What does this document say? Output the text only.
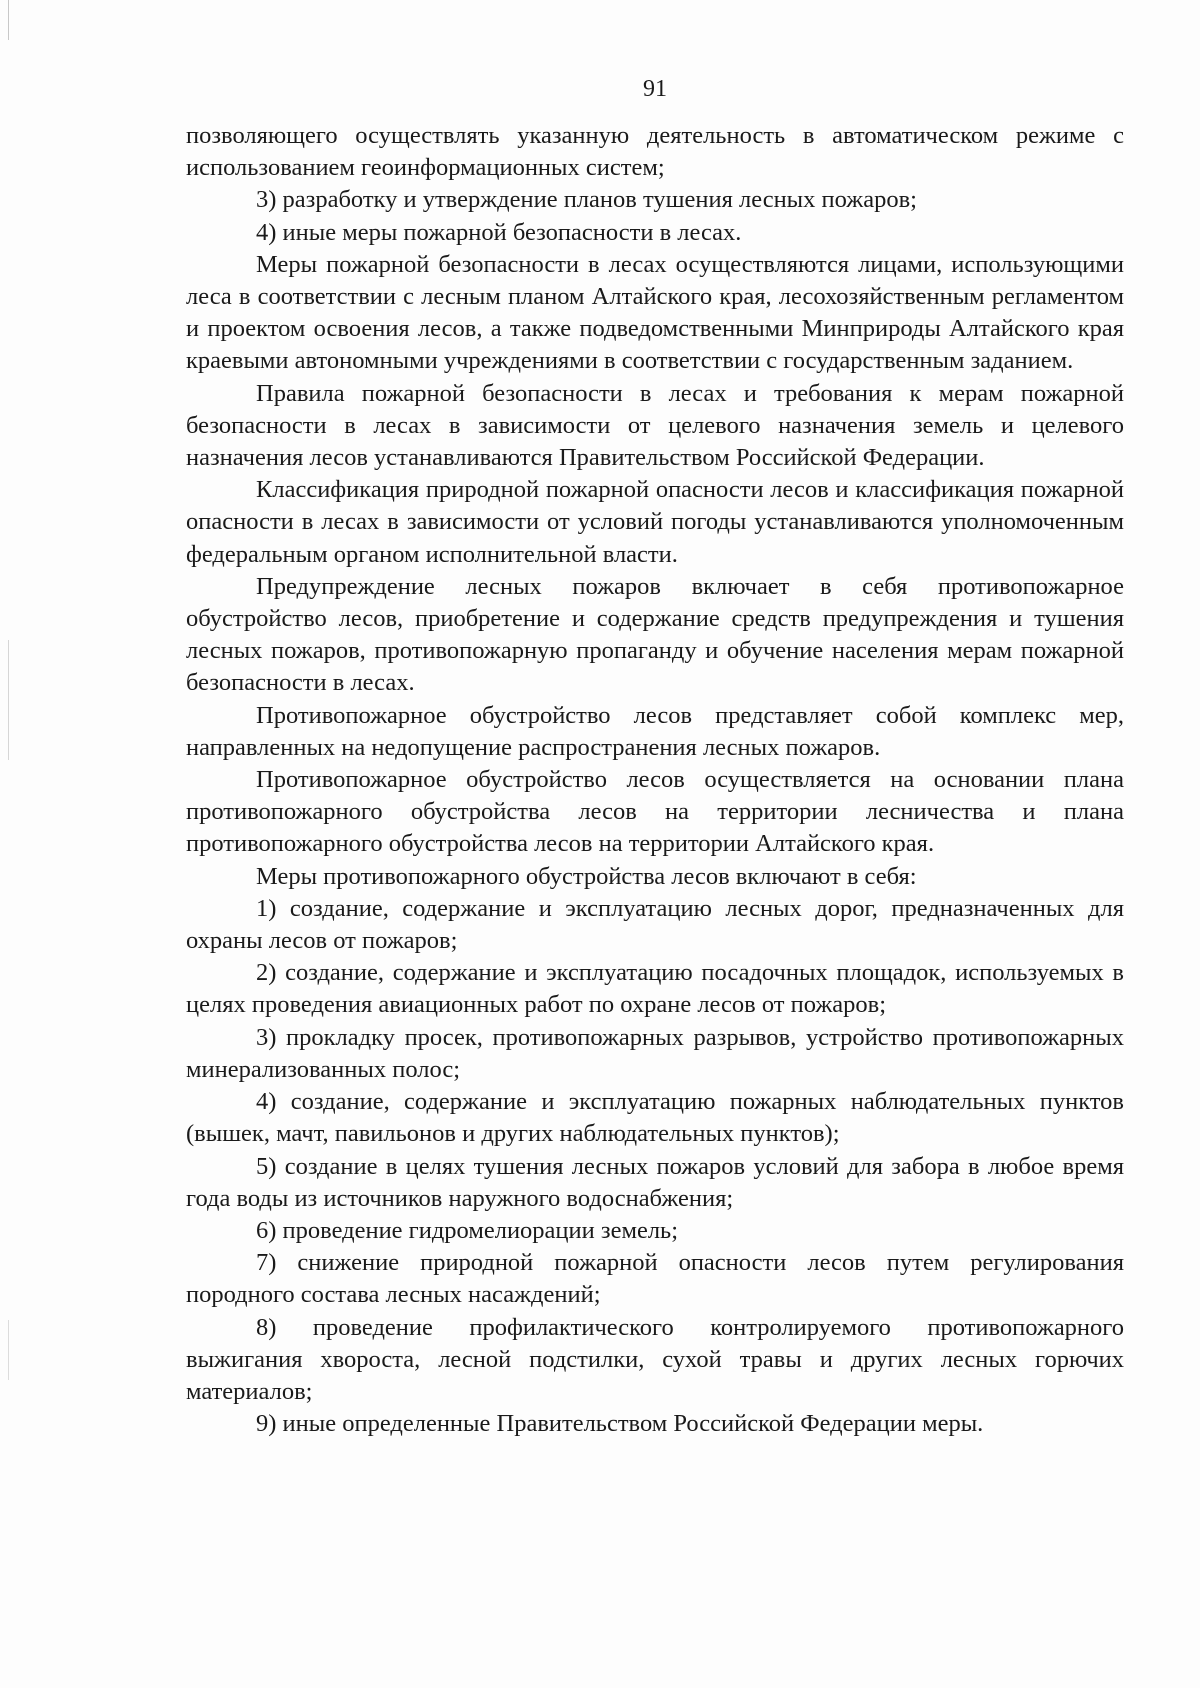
91

позволяющего осуществлять указанную деятельность в автоматическом режиме с использованием геоинформационных систем;

3) разработку и утверждение планов тушения лесных пожаров;

4) иные меры пожарной безопасности в лесах.

Меры пожарной безопасности в лесах осуществляются лицами, использующими леса в соответствии с лесным планом Алтайского края, лесохозяйственным регламентом и проектом освоения лесов, а также подведомственными Минприроды Алтайского края краевыми автономными учреждениями в соответствии с государственным заданием.

Правила пожарной безопасности в лесах и требования к мерам пожарной безопасности в лесах в зависимости от целевого назначения земель и целевого назначения лесов устанавливаются Правительством Российской Федерации.

Классификация природной пожарной опасности лесов и классификация пожарной опасности в лесах в зависимости от условий погоды устанавливаются уполномоченным федеральным органом исполнительной власти.

Предупреждение лесных пожаров включает в себя противопожарное обустройство лесов, приобретение и содержание средств предупреждения и тушения лесных пожаров, противопожарную пропаганду и обучение населения мерам пожарной безопасности в лесах.

Противопожарное обустройство лесов представляет собой комплекс мер, направленных на недопущение распространения лесных пожаров.

Противопожарное обустройство лесов осуществляется на основании плана противопожарного обустройства лесов на территории лесничества и плана противопожарного обустройства лесов на территории Алтайского края.

Меры противопожарного обустройства лесов включают в себя:

1) создание, содержание и эксплуатацию лесных дорог, предназначенных для охраны лесов от пожаров;

2) создание, содержание и эксплуатацию посадочных площадок, используемых в целях проведения авиационных работ по охране лесов от пожаров;

3) прокладку просек, противопожарных разрывов, устройство противопожарных минерализованных полос;

4) создание, содержание и эксплуатацию пожарных наблюдательных пунктов (вышек, мачт, павильонов и других наблюдательных пунктов);

5) создание в целях тушения лесных пожаров условий для забора в любое время года воды из источников наружного водоснабжения;

6) проведение гидромелиорации земель;

7) снижение природной пожарной опасности лесов путем регулирования породного состава лесных насаждений;

8) проведение профилактического контролируемого противопожарного выжигания хвороста, лесной подстилки, сухой травы и других лесных горючих материалов;

9) иные определенные Правительством Российской Федерации меры.
